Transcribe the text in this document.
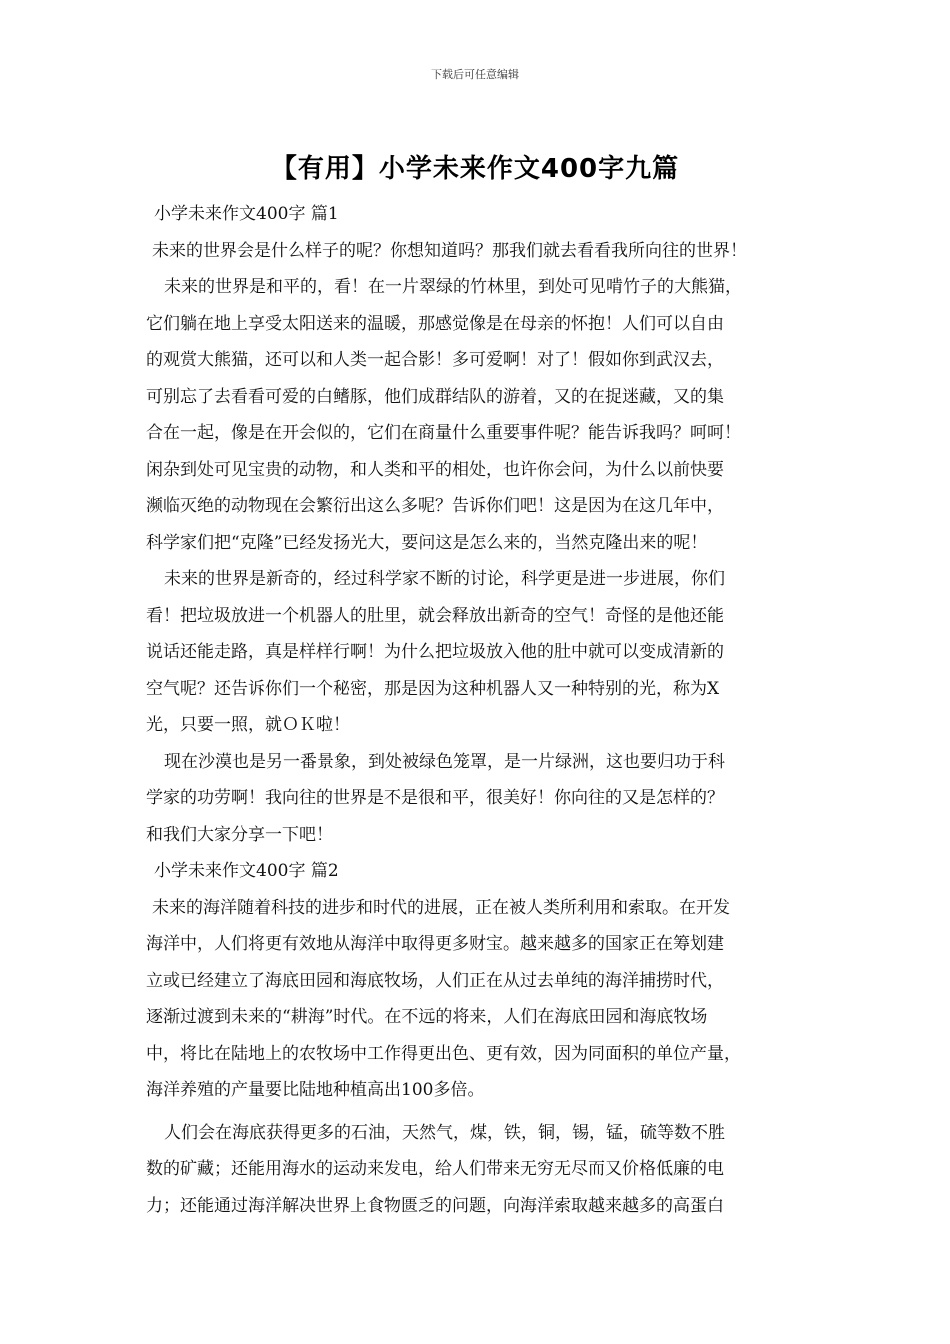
下载后可任意编辑
【有用】小学未来作文400字九篇
小学未来作文400字 篇1
未来的世界会是什么样子的呢？你想知道吗？那我们就去看看我所向往的世界！
未来的世界是和平的，看！在一片翠绿的竹林里，到处可见啃竹子的大熊猫，
它们躺在地上享受太阳送来的温暖，那感觉像是在母亲的怀抱！人们可以自由
的观赏大熊猫，还可以和人类一起合影！多可爱啊！对了！假如你到武汉去，
可别忘了去看看可爱的白鳍豚，他们成群结队的游着，又的在捉迷藏，又的集
合在一起，像是在开会似的，它们在商量什么重要事件呢？能告诉我吗？呵呵！
闲杂到处可见宝贵的动物，和人类和平的相处，也许你会问，为什么以前快要
濒临灭绝的动物现在会繁衍出这么多呢？告诉你们吧！这是因为在这几年中，
科学家们把“克隆”已经发扬光大，要问这是怎么来的，当然克隆出来的呢！
未来的世界是新奇的，经过科学家不断的讨论，科学更是进一步进展，你们
看！把垃圾放进一个机器人的肚里，就会释放出新奇的空气！奇怪的是他还能
说话还能走路，真是样样行啊！为什么把垃圾放入他的肚中就可以变成清新的
空气呢？还告诉你们一个秘密，那是因为这种机器人又一种特别的光，称为X
光，只要一照，就ＯＫ啦！
现在沙漠也是另一番景象，到处被绿色笼罩，是一片绿洲，这也要归功于科
学家的功劳啊！我向往的世界是不是很和平，很美好！你向往的又是怎样的？
和我们大家分享一下吧！
小学未来作文400字 篇2
未来的海洋随着科技的进步和时代的进展，正在被人类所利用和索取。在开发
海洋中，人们将更有效地从海洋中取得更多财宝。越来越多的国家正在筹划建
立或已经建立了海底田园和海底牧场，人们正在从过去单纯的海洋捕捞时代，
逐渐过渡到未来的“耕海”时代。在不远的将来，人们在海底田园和海底牧场
中，将比在陆地上的农牧场中工作得更出色、更有效，因为同面积的单位产量，
海洋养殖的产量要比陆地种植高出100多倍。
人们会在海底获得更多的石油，天然气，煤，铁，铜，锡，锰，硫等数不胜
数的矿藏；还能用海水的运动来发电，给人们带来无穷无尽而又价格低廉的电
力；还能通过海洋解决世界上食物匮乏的问题，向海洋索取越来越多的高蛋白
